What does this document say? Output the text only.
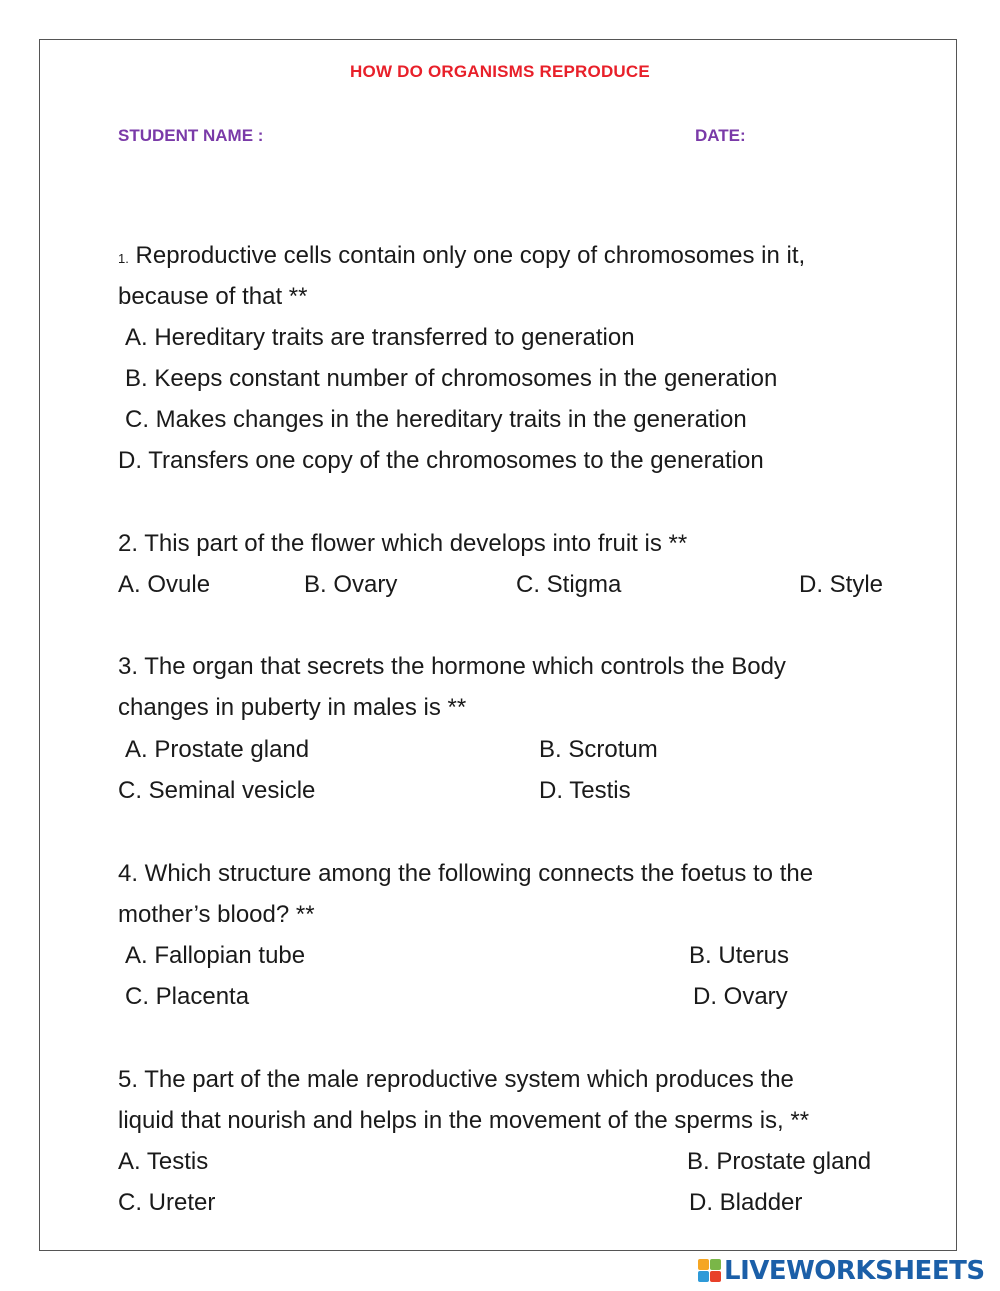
HOW DO ORGANISMS REPRODUCE
STUDENT NAME :	DATE:
1. Reproductive cells contain only one copy of chromosomes in it,
because of that **
A. Hereditary traits are transferred to generation
B. Keeps constant number of chromosomes in the generation
C. Makes changes in the hereditary traits in the generation
D. Transfers one copy of the chromosomes to the generation
2. This part of the flower which develops into fruit is **
A. Ovule	B. Ovary	C. Stigma	D. Style
3. The organ that secrets the hormone which controls the Body
changes in puberty in males is **
A. Prostate gland	B. Scrotum
C. Seminal vesicle	D. Testis
4. Which structure among the following connects the foetus to the
mother’s blood? **
A. Fallopian tube	B. Uterus
C. Placenta	D. Ovary
5. The part of the male reproductive system which produces the
liquid that nourish and helps in the movement of the sperms is, **
A. Testis	B. Prostate gland
C. Ureter	D. Bladder
LIVEWORKSHEETS
